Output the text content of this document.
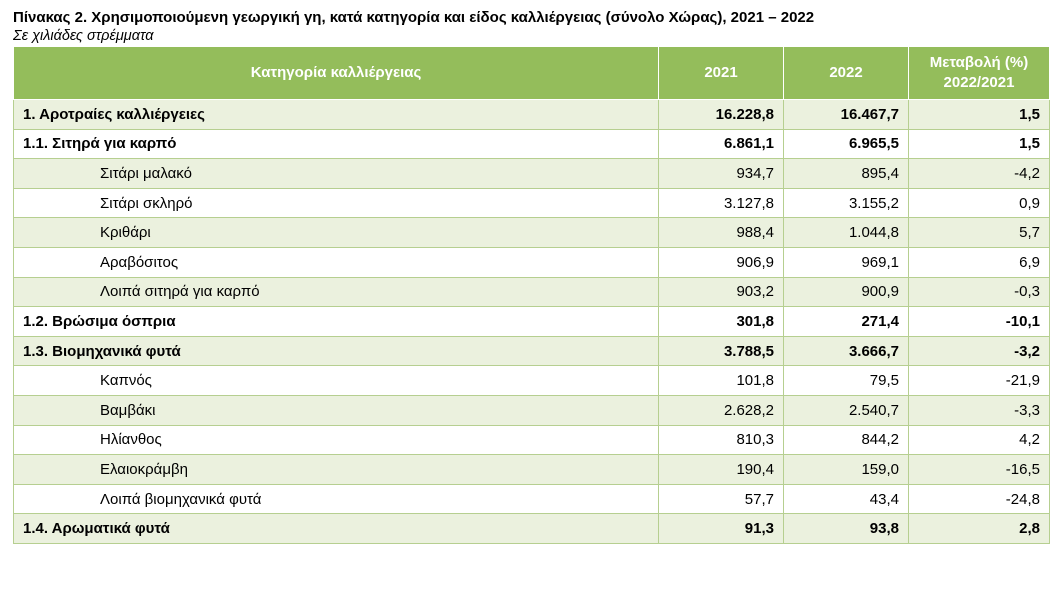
Πίνακας 2. Χρησιμοποιούμενη γεωργική γη, κατά κατηγορία και είδος καλλιέργειας (σύνολο Χώρας), 2021 – 2022
Σε χιλιάδες στρέμματα
Κατηγορία καλλιέργειας	2021	2022	Μεταβολή (%)
2022/2021
1. Αροτραίες καλλιέργειες	16.228,8	16.467,7	1,5
1.1. Σιτηρά για καρπό	6.861,1	6.965,5	1,5
Σιτάρι μαλακό	934,7	895,4	-4,2
Σιτάρι σκληρό	3.127,8	3.155,2	0,9
Κριθάρι	988,4	1.044,8	5,7
Αραβόσιτος	906,9	969,1	6,9
Λοιπά σιτηρά για καρπό	903,2	900,9	-0,3
1.2. Βρώσιμα όσπρια	301,8	271,4	-10,1
1.3. Βιομηχανικά φυτά	3.788,5	3.666,7	-3,2
Καπνός	101,8	79,5	-21,9
Βαμβάκι	2.628,2	2.540,7	-3,3
Ηλίανθος	810,3	844,2	4,2
Ελαιοκράμβη	190,4	159,0	-16,5
Λοιπά βιομηχανικά φυτά	57,7	43,4	-24,8
1.4. Αρωματικά φυτά	91,3	93,8	2,8
